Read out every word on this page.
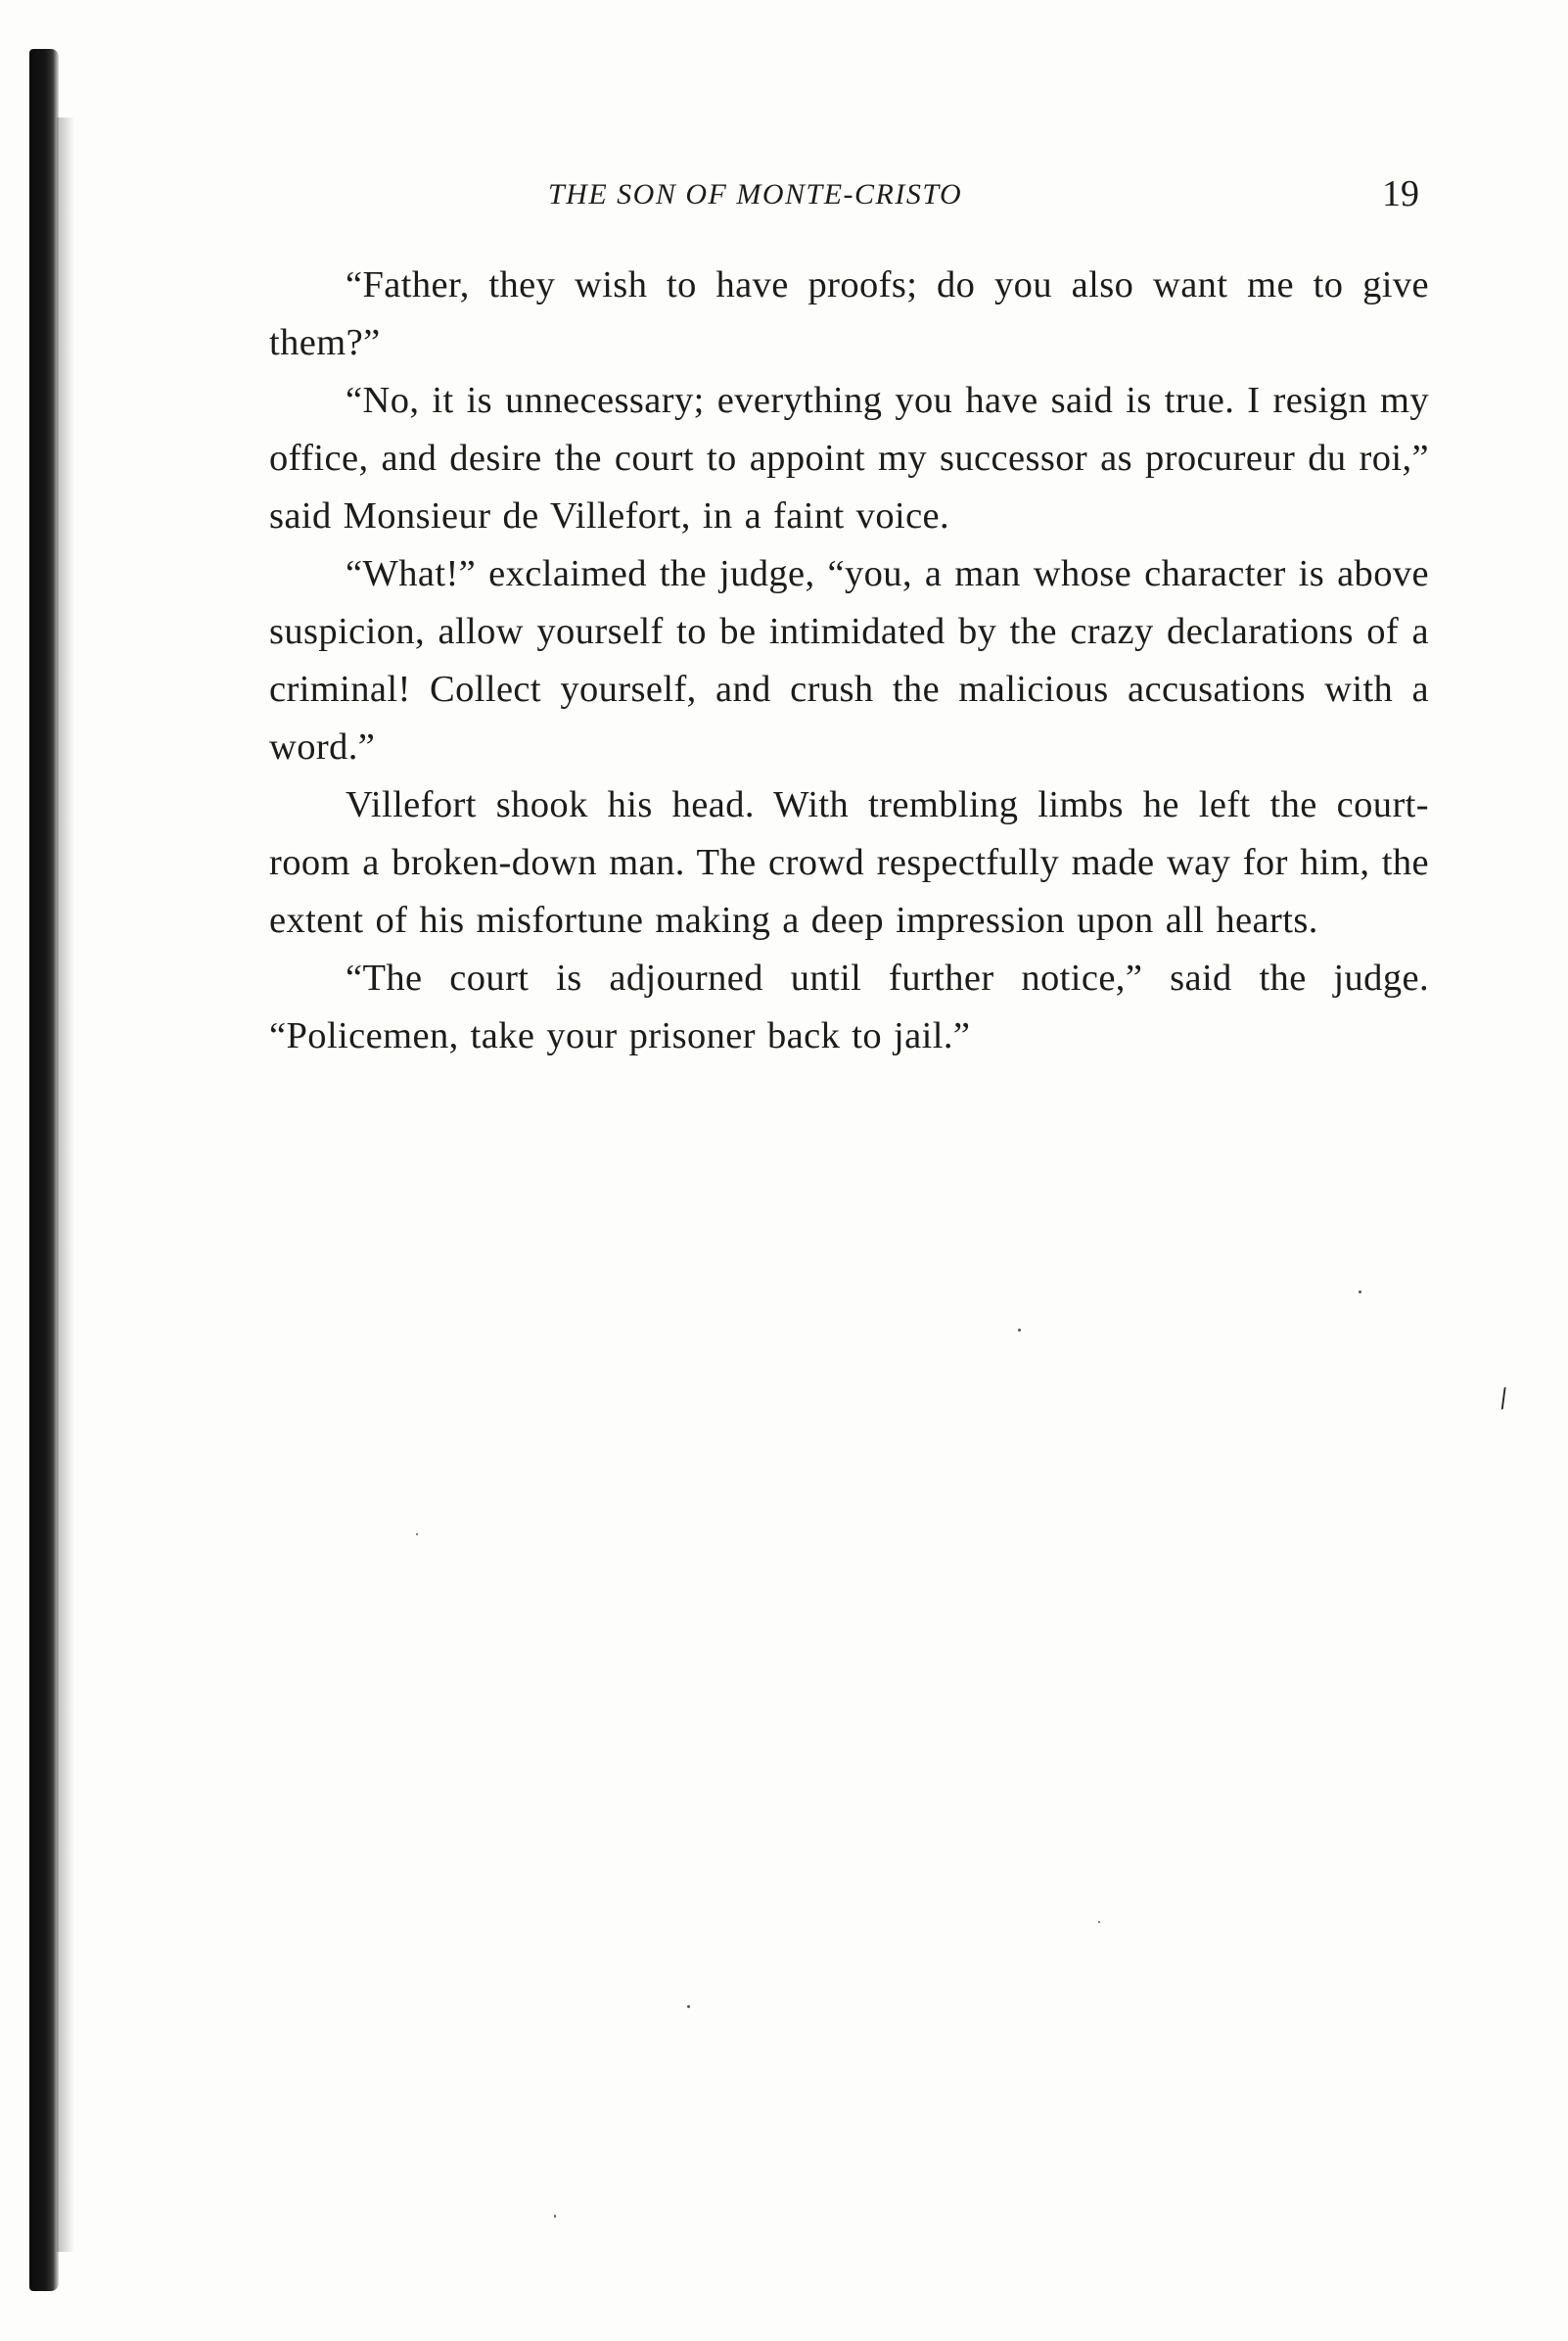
THE SON OF MONTE-CRISTO	19

“Father, they wish to have proofs; do you also want me to give them?”

“No, it is unnecessary; everything you have said is true. I resign my office, and desire the court to appoint my successor as procureur du roi,” said Monsieur de Villefort, in a faint voice.

“What!” exclaimed the judge, “you, a man whose character is above suspicion, allow yourself to be intimidated by the crazy declarations of a criminal! Collect yourself, and crush the malicious accusations with a word.”

Villefort shook his head. With trembling limbs he left the court-room a broken-down man. The crowd respectfully made way for him, the extent of his misfortune making a deep impression upon all hearts.

“The court is adjourned until further notice,” said the judge. “Policemen, take your prisoner back to jail.”

/
